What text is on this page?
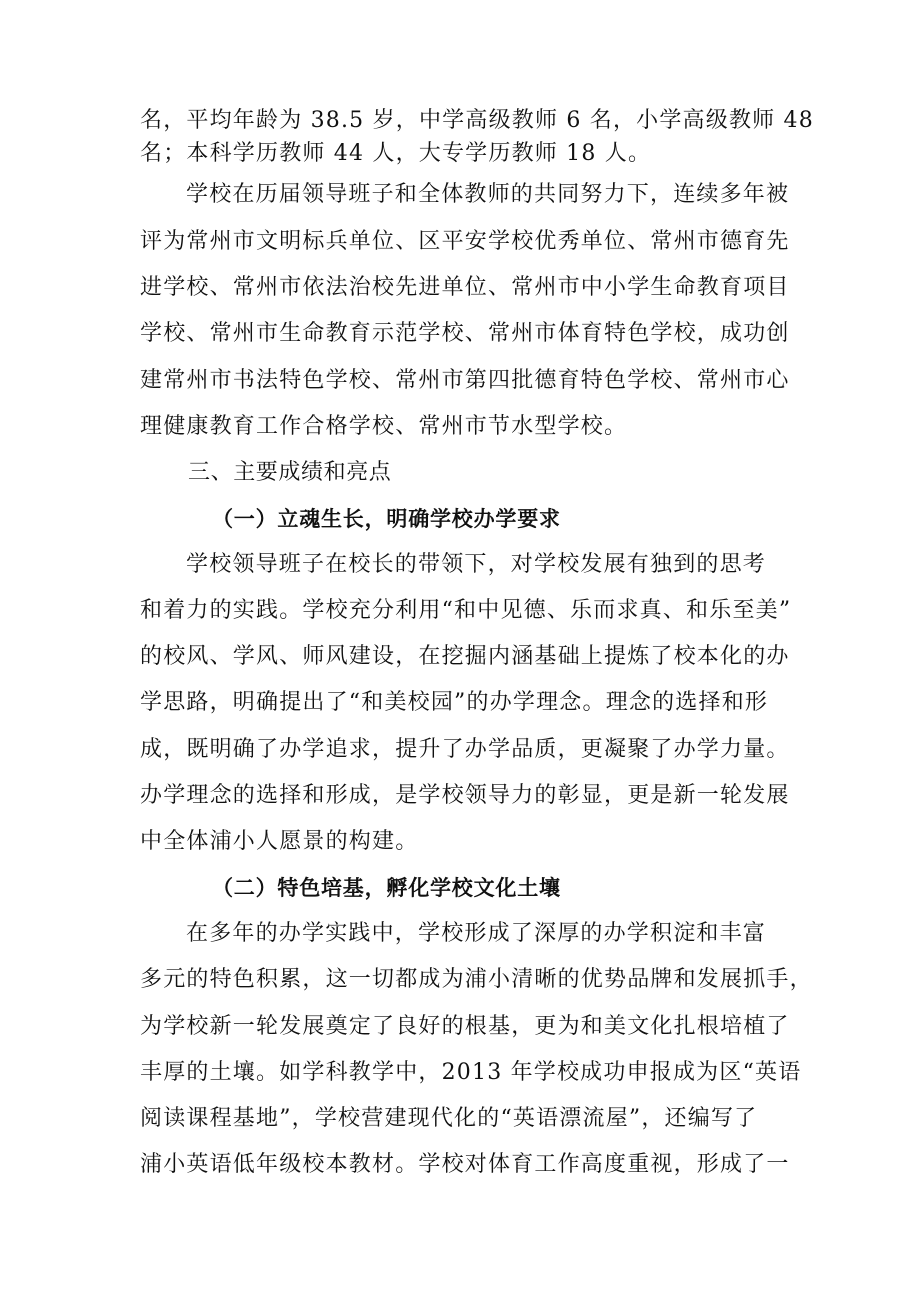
名，平均年龄为 38.5 岁，中学高级教师 6 名，小学高级教师 48
名；本科学历教师 44 人，大专学历教师 18 人。
学校在历届领导班子和全体教师的共同努力下，连续多年被
评为常州市文明标兵单位、区平安学校优秀单位、常州市德育先
进学校、常州市依法治校先进单位、常州市中小学生命教育项目
学校、常州市生命教育示范学校、常州市体育特色学校，成功创
建常州市书法特色学校、常州市第四批德育特色学校、常州市心
理健康教育工作合格学校、常州市节水型学校。
三、主要成绩和亮点
（一）立魂生长，明确学校办学要求
学校领导班子在校长的带领下，对学校发展有独到的思考
和着力的实践。学校充分利用“和中见德、乐而求真、和乐至美”
的校风、学风、师风建设，在挖掘内涵基础上提炼了校本化的办
学思路，明确提出了“和美校园”的办学理念。理念的选择和形
成，既明确了办学追求，提升了办学品质，更凝聚了办学力量。
办学理念的选择和形成，是学校领导力的彰显，更是新一轮发展
中全体浦小人愿景的构建。
（二）特色培基，孵化学校文化土壤
在多年的办学实践中，学校形成了深厚的办学积淀和丰富
多元的特色积累，这一切都成为浦小清晰的优势品牌和发展抓手，
为学校新一轮发展奠定了良好的根基，更为和美文化扎根培植了
丰厚的土壤。如学科教学中，2013 年学校成功申报成为区“英语
阅读课程基地”，学校营建现代化的“英语漂流屋”，还编写了
浦小英语低年级校本教材。学校对体育工作高度重视，形成了一
